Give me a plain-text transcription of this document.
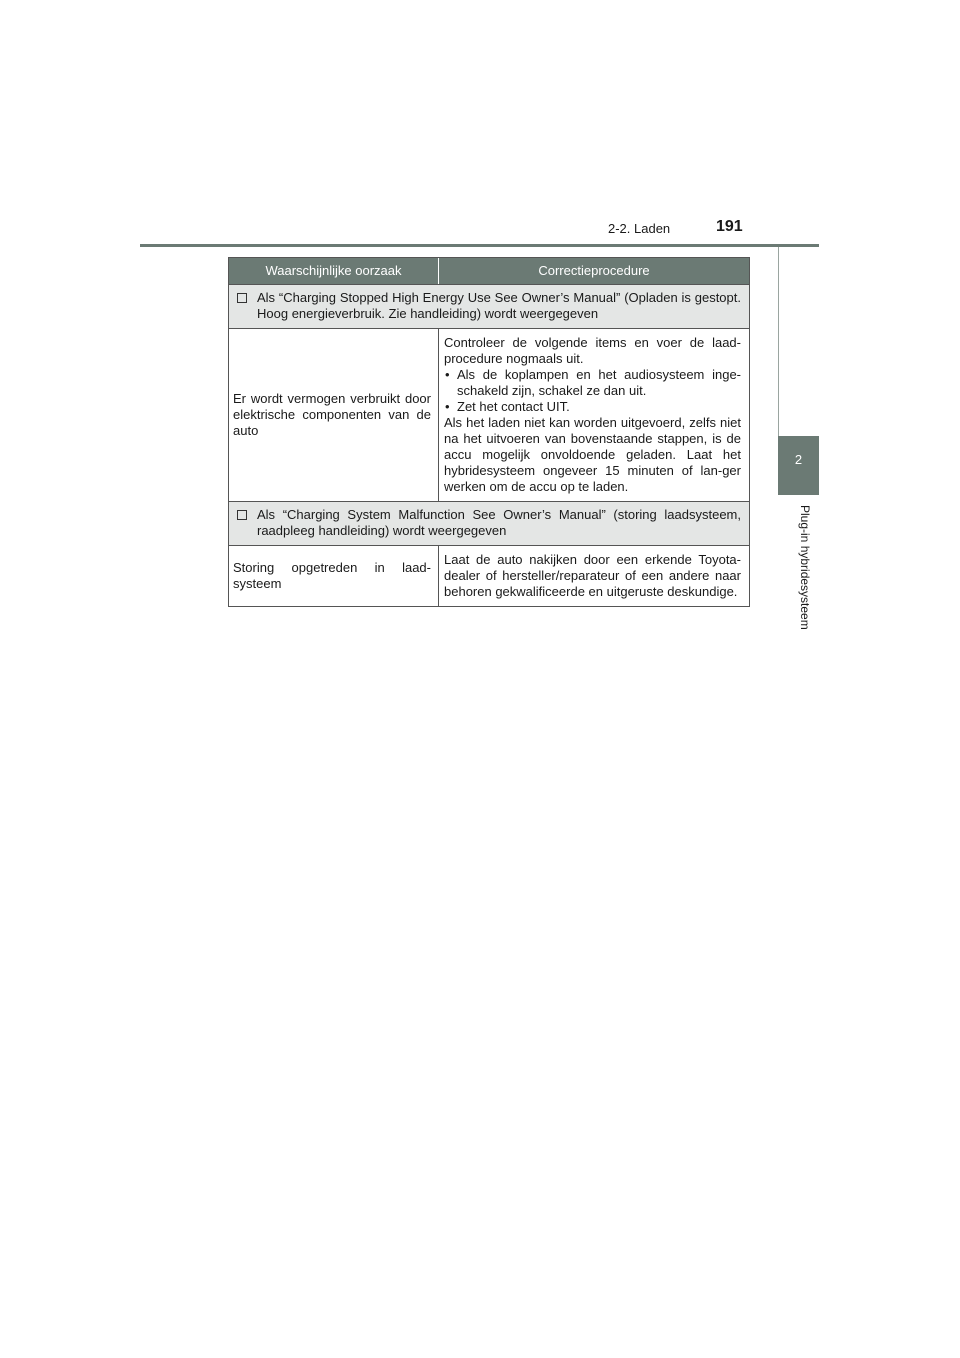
2-2. Laden	191
2
Plug-in hybridesysteem
Waarschijnlijke oorzaak	Correctieprocedure
Als “Charging Stopped High Energy Use See Owner’s Manual” (Opladen is gestopt. Hoog energieverbruik. Zie handleiding) wordt weergegeven
Er wordt vermogen verbruikt door elektrische componenten van de auto
Controleer de volgende items en voer de laad-procedure nogmaals uit.
• Als de koplampen en het audiosysteem inge-schakeld zijn, schakel ze dan uit.
• Zet het contact UIT.
Als het laden niet kan worden uitgevoerd, zelfs niet na het uitvoeren van bovenstaande stappen, is de accu mogelijk onvoldoende geladen. Laat het hybridesysteem ongeveer 15 minuten of lan-ger werken om de accu op te laden.
Als “Charging System Malfunction See Owner’s Manual” (storing laadsysteem, raadpleeg handleiding) wordt weergegeven
Storing opgetreden in laad-systeem
Laat de auto nakijken door een erkende Toyota-dealer of hersteller/reparateur of een andere naar behoren gekwalificeerde en uitgeruste deskundige.
